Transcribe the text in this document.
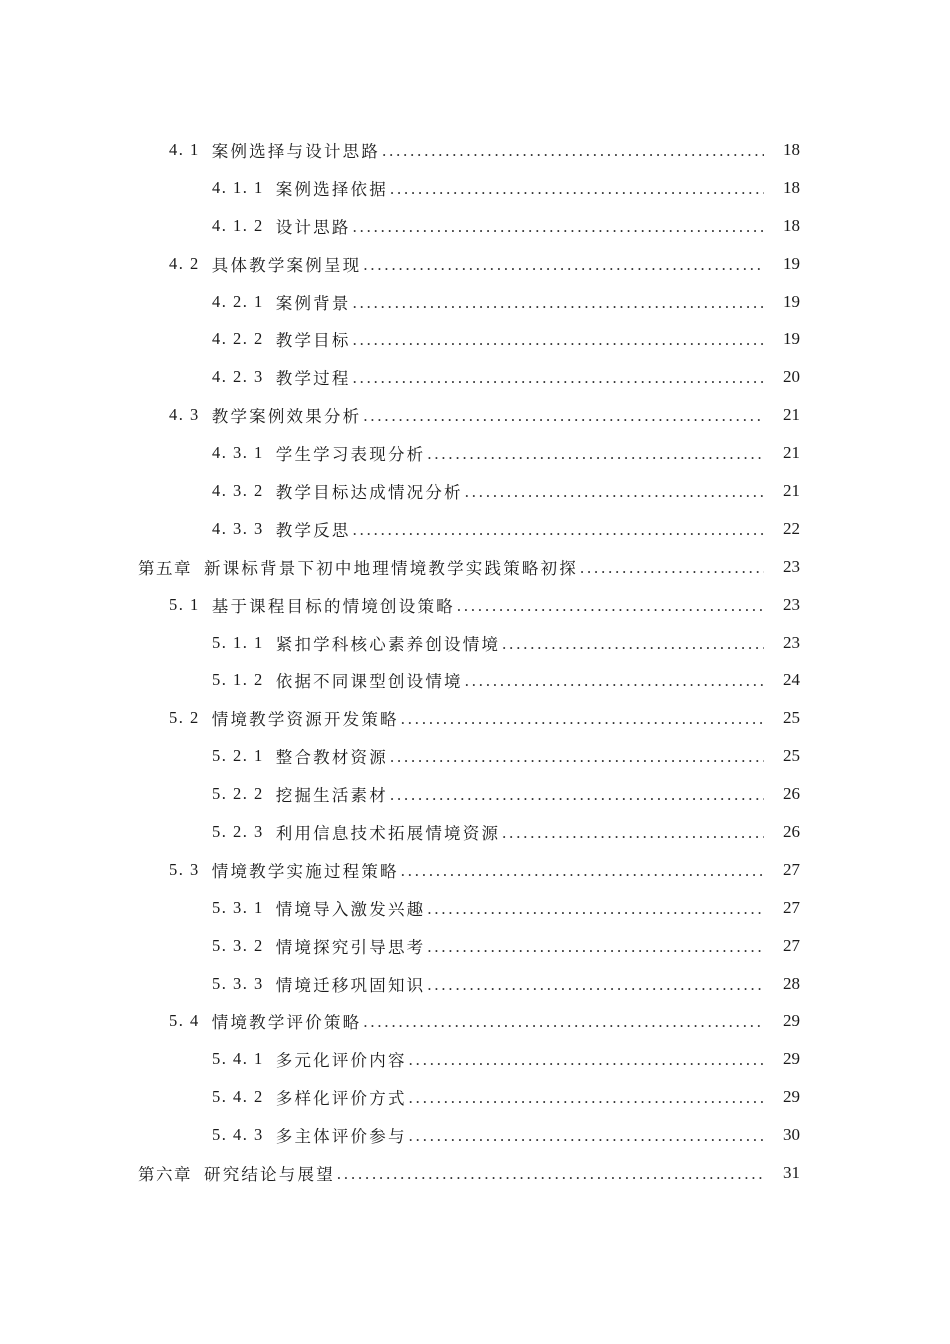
4. 1 案例选择与设计思路 .....	18
4. 1. 1 案例选择依据 .....	18
4. 1. 2 设计思路 .....	18
4. 2 具体教学案例呈现 .....	19
4. 2. 1 案例背景 .....	19
4. 2. 2 教学目标 .....	19
4. 2. 3 教学过程 .....	20
4. 3 教学案例效果分析 .....	21
4. 3. 1 学生学习表现分析 .....	21
4. 3. 2 教学目标达成情况分析 .....	21
4. 3. 3 教学反思 .....	22
第五章 新课标背景下初中地理情境教学实践策略初探 .....	23
5. 1 基于课程目标的情境创设策略 .....	23
5. 1. 1 紧扣学科核心素养创设情境 .....	23
5. 1. 2 依据不同课型创设情境 .....	24
5. 2 情境教学资源开发策略 .....	25
5. 2. 1 整合教材资源 .....	25
5. 2. 2 挖掘生活素材 .....	26
5. 2. 3 利用信息技术拓展情境资源 .....	26
5. 3 情境教学实施过程策略 .....	27
5. 3. 1 情境导入激发兴趣 .....	27
5. 3. 2 情境探究引导思考 .....	27
5. 3. 3 情境迁移巩固知识 .....	28
5. 4 情境教学评价策略 .....	29
5. 4. 1 多元化评价内容 .....	29
5. 4. 2 多样化评价方式 .....	29
5. 4. 3 多主体评价参与 .....	30
第六章 研究结论与展望 .....	31
